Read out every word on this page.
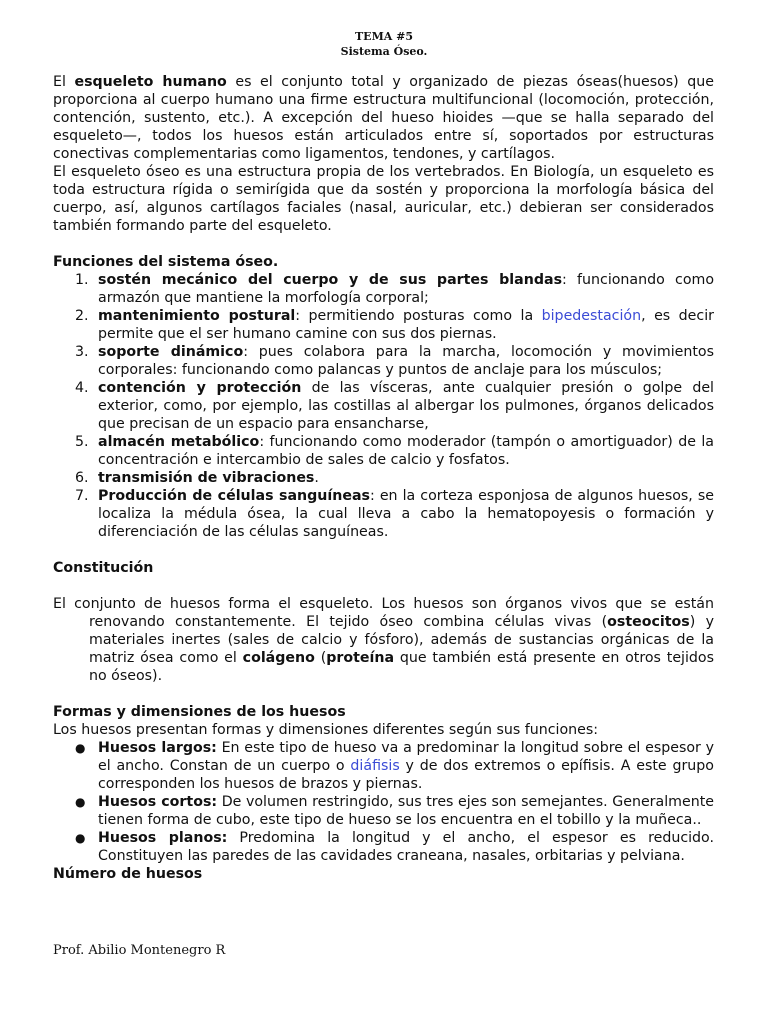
TEMA #5
Sistema Óseo.

El esqueleto humano es el conjunto total y organizado de piezas óseas(huesos) que proporciona al cuerpo humano una firme estructura multifuncional (locomoción, protección, contención, sustento, etc.). A excepción del hueso hioides —que se halla separado del esqueleto—, todos los huesos están articulados entre sí, soportados por estructuras conectivas complementarias como ligamentos, tendones, y cartílagos.

El esqueleto óseo es una estructura propia de los vertebrados. En Biología, un esqueleto es toda estructura rígida o semirígida que da sostén y proporciona la morfología básica del cuerpo, así, algunos cartílagos faciales (nasal, auricular, etc.) debieran ser considerados también formando parte del esqueleto.

Funciones del sistema óseo.

1. sostén mecánico del cuerpo y de sus partes blandas: funcionando como armazón que mantiene la morfología corporal;
2. mantenimiento postural: permitiendo posturas como la bipedestación, es decir permite que el ser humano camine con sus dos piernas.
3. soporte dinámico: pues colabora para la marcha, locomoción y movimientos corporales: funcionando como palancas y puntos de anclaje para los músculos;
4. contención y protección de las vísceras, ante cualquier presión o golpe del exterior, como, por ejemplo, las costillas al albergar los pulmones, órganos delicados que precisan de un espacio para ensancharse,
5. almacén metabólico: funcionando como moderador (tampón o amortiguador) de la concentración e intercambio de sales de calcio y fosfatos.
6. transmisión de vibraciones.
7. Producción de células sanguíneas: en la corteza esponjosa de algunos huesos, se localiza la médula ósea, la cual lleva a cabo la hematopoyesis o formación y diferenciación de las células sanguíneas.

Constitución

El conjunto de huesos forma el esqueleto. Los huesos son órganos vivos que se están renovando constantemente. El tejido óseo combina células vivas (osteocitos) y materiales inertes (sales de calcio y fósforo), además de sustancias orgánicas de la matriz ósea como el colágeno (proteína que también está presente en otros tejidos no óseos).

Formas y dimensiones de los huesos

Los huesos presentan formas y dimensiones diferentes según sus funciones:

● Huesos largos: En este tipo de hueso va a predominar la longitud sobre el espesor y el ancho. Constan de un cuerpo o diáfisis y de dos extremos o epífisis. A este grupo corresponden los huesos de brazos y piernas.
● Huesos cortos: De volumen restringido, sus tres ejes son semejantes. Generalmente tienen forma de cubo, este tipo de hueso se los encuentra en el tobillo y la muñeca..
● Huesos planos: Predomina la longitud y el ancho, el espesor es reducido. Constituyen las paredes de las cavidades craneana, nasales, orbitarias y pelviana.

Número de huesos

Prof. Abilio Montenegro R
